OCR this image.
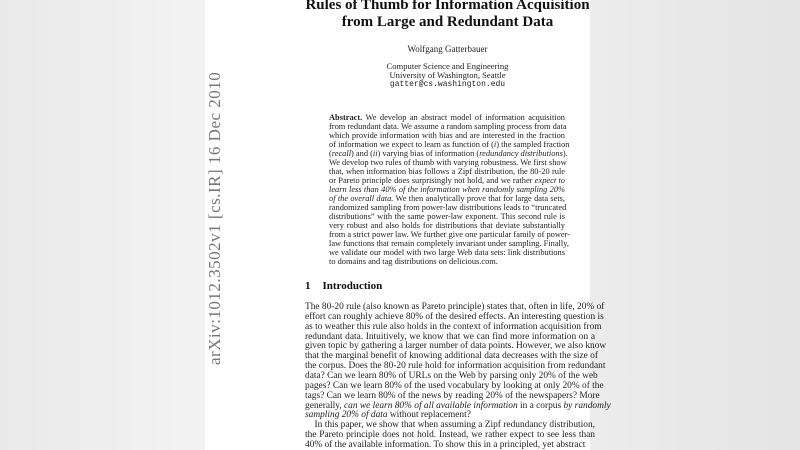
arXiv:1012.3502v1 [cs.IR] 16 Dec 2010
Rules of Thumb for Information Acquisition
from Large and Redundant Data
Wolfgang Gatterbauer
Computer Science and Engineering
University of Washington, Seattle
gatter@cs.washington.edu
Abstract. We develop an abstract model of information acquisition
from redundant data. We assume a random sampling process from data
which provide information with bias and are interested in the fraction
of information we expect to learn as function of (i) the sampled fraction
(recall) and (ii) varying bias of information (redundancy distributions).
We develop two rules of thumb with varying robustness. We first show
that, when information bias follows a Zipf distribution, the 80-20 rule
or Pareto principle does surprisingly not hold, and we rather expect to
learn less than 40% of the information when randomly sampling 20%
of the overall data. We then analytically prove that for large data sets,
randomized sampling from power-law distributions leads to “truncated
distributions” with the same power-law exponent. This second rule is
very robust and also holds for distributions that deviate substantially
from a strict power law. We further give one particular family of power-
law functions that remain completely invariant under sampling. Finally,
we validate our model with two large Web data sets: link distributions
to domains and tag distributions on delicious.com.
1 Introduction
The 80-20 rule (also known as Pareto principle) states that, often in life, 20% of
effort can roughly achieve 80% of the desired effects. An interesting question is
as to weather this rule also holds in the context of information acquisition from
redundant data. Intuitively, we know that we can find more information on a
given topic by gathering a larger number of data points. However, we also know
that the marginal benefit of knowing additional data decreases with the size of
the corpus. Does the 80-20 rule hold for information acquisition from redundant
data? Can we learn 80% of URLs on the Web by parsing only 20% of the web
pages? Can we learn 80% of the used vocabulary by looking at only 20% of the
tags? Can we learn 80% of the news by reading 20% of the newspapers? More
generally, can we learn 80% of all available information in a corpus by randomly
sampling 20% of data without replacement?
In this paper, we show that when assuming a Zipf redundancy distribution,
the Pareto principle does not hold. Instead, we rather expect to see less than
40% of the available information. To show this in a principled, yet abstract
